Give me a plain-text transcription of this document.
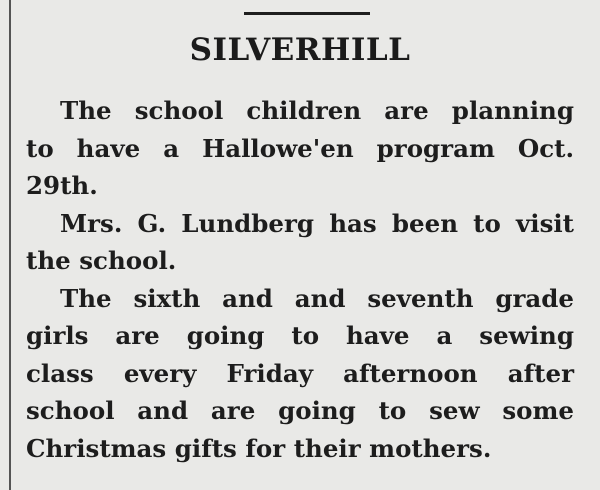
SILVERHILL
The school children are planning
to have a Hallowe'en program Oct.
29th.
Mrs. G. Lundberg has been to visit
the school.
The sixth and and seventh grade
girls are going to have a sewing
class every Friday afternoon after
school and are going to sew some
Christmas gifts for their mothers.
